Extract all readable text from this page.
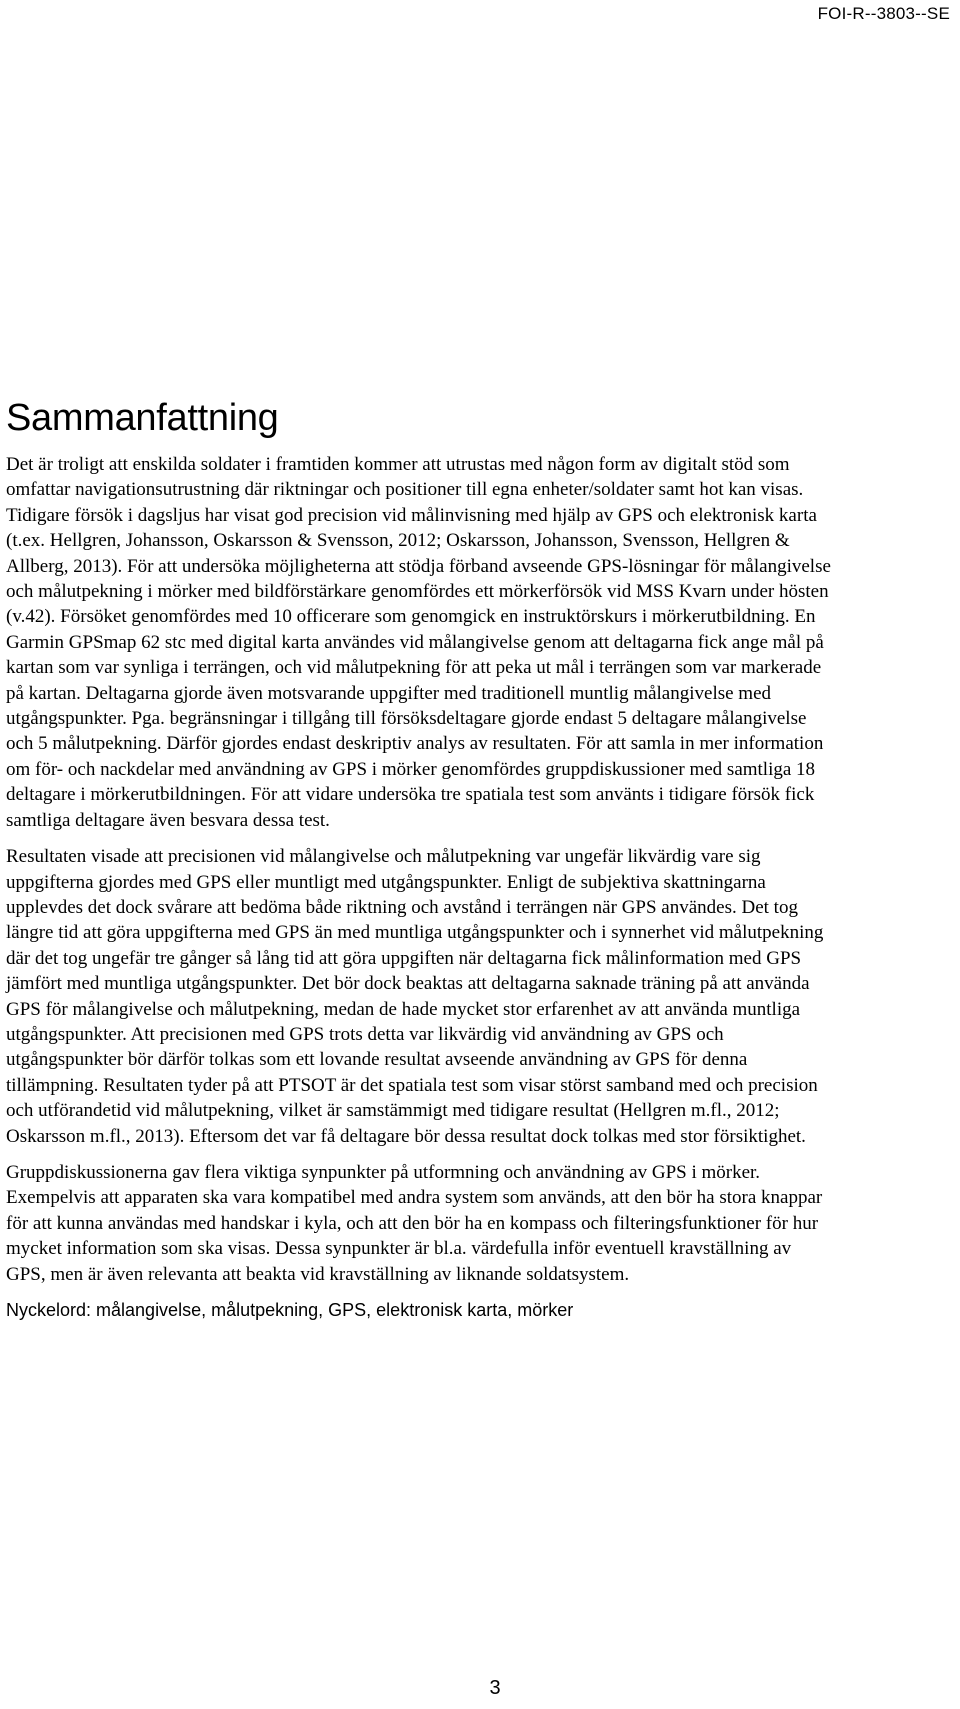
FOI-R--3803--SE
Sammanfattning

Det är troligt att enskilda soldater i framtiden kommer att utrustas med någon form av digitalt stöd som omfattar navigationsutrustning där riktningar och positioner till egna enheter/soldater samt hot kan visas. Tidigare försök i dagsljus har visat god precision vid målinvisning med hjälp av GPS och elektronisk karta (t.ex. Hellgren, Johansson, Oskarsson & Svensson, 2012; Oskarsson, Johansson, Svensson, Hellgren & Allberg, 2013). För att undersöka möjligheterna att stödja förband avseende GPS-lösningar för målangivelse och målutpekning i mörker med bildförstärkare genomfördes ett mörkerförsök vid MSS Kvarn under hösten (v.42). Försöket genomfördes med 10 officerare som genomgick en instruktörskurs i mörkerutbildning. En Garmin GPSmap 62 stc med digital karta användes vid målangivelse genom att deltagarna fick ange mål på kartan som var synliga i terrängen, och vid målutpekning för att peka ut mål i terrängen som var markerade på kartan. Deltagarna gjorde även motsvarande uppgifter med traditionell muntlig målangivelse med utgångspunkter. Pga. begränsningar i tillgång till försöksdeltagare gjorde endast 5 deltagare målangivelse och 5 målutpekning. Därför gjordes endast deskriptiv analys av resultaten. För att samla in mer information om för- och nackdelar med användning av GPS i mörker genomfördes gruppdiskussioner med samtliga 18 deltagare i mörkerutbildningen. För att vidare undersöka tre spatiala test som använts i tidigare försök fick samtliga deltagare även besvara dessa test.

Resultaten visade att precisionen vid målangivelse och målutpekning var ungefär likvärdig vare sig uppgifterna gjordes med GPS eller muntligt med utgångspunkter. Enligt de subjektiva skattningarna upplevdes det dock svårare att bedöma både riktning och avstånd i terrängen när GPS användes. Det tog längre tid att göra uppgifterna med GPS än med muntliga utgångspunkter och i synnerhet vid målutpekning där det tog ungefär tre gånger så lång tid att göra uppgiften när deltagarna fick målinformation med GPS jämfört med muntliga utgångspunkter. Det bör dock beaktas att deltagarna saknade träning på att använda GPS för målangivelse och målutpekning, medan de hade mycket stor erfarenhet av att använda muntliga utgångspunkter. Att precisionen med GPS trots detta var likvärdig vid användning av GPS och utgångspunkter bör därför tolkas som ett lovande resultat avseende användning av GPS för denna tillämpning. Resultaten tyder på att PTSOT är det spatiala test som visar störst samband med och precision och utförandetid vid målutpekning, vilket är samstämmigt med tidigare resultat (Hellgren m.fl., 2012; Oskarsson m.fl., 2013). Eftersom det var få deltagare bör dessa resultat dock tolkas med stor försiktighet.

Gruppdiskussionerna gav flera viktiga synpunkter på utformning och användning av GPS i mörker. Exempelvis att apparaten ska vara kompatibel med andra system som används, att den bör ha stora knappar för att kunna användas med handskar i kyla, och att den bör ha en kompass och filteringsfunktioner för hur mycket information som ska visas. Dessa synpunkter är bl.a. värdefulla inför eventuell kravställning av GPS, men är även relevanta att beakta vid kravställning av liknande soldatsystem.

Nyckelord: målangivelse, målutpekning, GPS, elektronisk karta, mörker
3
